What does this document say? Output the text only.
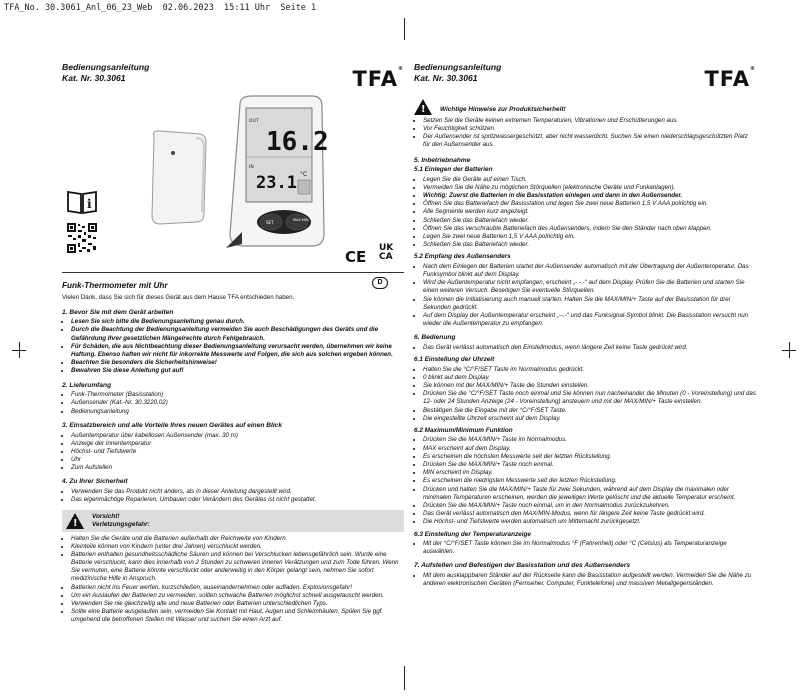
TFA_No. 30.3061_Anl_06_23_Web  02.06.2023  15:11 Uhr  Seite 1
Bedienungsanleitung
Kat. Nr. 30.3061	TFA®
i
OUT
16.2
IN
23.1 °C
SET	MAX MIN
CE UK
CA
Funk-Thermometer mit Uhr	D

Vielen Dank, dass Sie sich für dieses Gerät aus dem Hause TFA entschieden haben.

1. Bevor Sie mit dem Gerät arbeiten
• Lesen Sie sich bitte die Bedienungsanleitung genau durch.
• Durch die Beachtung der Bedienungsanleitung vermeiden Sie auch Beschädigungen des Geräts und die Gefährdung Ihrer gesetzlichen Mängelrechte durch Fehlgebrauch.
• Für Schäden, die aus Nichtbeachtung dieser Bedienungsanleitung verursacht werden, übernehmen wir keine Haftung. Ebenso haften wir nicht für inkorrekte Messwerte und Folgen, die sich aus solchen ergeben können.
• Beachten Sie besonders die Sicherheitshinweise!
• Bewahren Sie diese Anleitung gut auf!
2. Lieferumfang
• Funk-Thermometer (Basisstation)
• Außensender (Kat.-Nr. 30.3220.02)
• Bedienungsanleitung
3. Einsatzbereich und alle Vorteile Ihres neuen Gerätes auf einen Blick
• Außentemperatur über kabellosen Außensender (max. 30 m)
• Anzeige der Innentemperatur
• Höchst- und Tiefstwerte
• Uhr
• Zum Aufstellen
4. Zu Ihrer Sicherheit
• Verwenden Sie das Produkt nicht anders, als in dieser Anleitung dargestellt wird.
• Das eigenmächtige Reparieren, Umbauen oder Verändern des Gerätes ist nicht gestattet.
!
Vorsicht!
Verletzungsgefahr:
• Halten Sie die Geräte und die Batterien außerhalb der Reichweite von Kindern.
• Kleinteile können von Kindern (unter drei Jahren) verschluckt werden.
• Batterien enthalten gesundheitsschädliche Säuren und können bei Verschlucken lebensgefährlich sein. Wurde eine Batterie verschluckt, kann dies innerhalb von 2 Stunden zu schweren inneren Verätzungen und zum Tode führen. Wenn Sie vermuten, eine Batterie könnte verschluckt oder anderweitig in den Körper gelangt sein, nehmen Sie sofort medizinische Hilfe in Anspruch.
• Batterien nicht ins Feuer werfen, kurzschließen, auseinandernehmen oder aufladen. Explosionsgefahr!
• Um ein Auslaufen der Batterien zu vermeiden, sollten schwache Batterien möglichst schnell ausgetauscht werden.
• Verwenden Sie nie gleichzeitig alte und neue Batterien oder Batterien unterschiedlichen Typs.
• Sollte eine Batterie ausgelaufen sein, vermeiden Sie Kontakt mit Haut, Augen und Schleimhäuten. Spülen Sie ggf. umgehend die betroffenen Stellen mit Wasser und suchen Sie einen Arzt auf.
Bedienungsanleitung
Kat. Nr. 30.3061	TFA®
!
Wichtige Hinweise zur Produktsicherheit!
• Setzen Sie die Geräte keinen extremen Temperaturen, Vibrationen und Erschütterungen aus.
• Vor Feuchtigkeit schützen.
• Der Außensender ist spritzwassergeschützt, aber nicht wasserdicht. Suchen Sie einen niederschlagsgeschützten Platz für den Außensender aus.
5. Inbetriebnahme
5.1 Einlegen der Batterien
• Legen Sie die Geräte auf einen Tisch.
• Vermeiden Sie die Nähe zu möglichen Störquellen (elektronische Geräte und Funkanlagen).
• Wichtig: Zuerst die Batterien in die Basisstation einlegen und dann in den Außensender.
• Öffnen Sie das Batteriefach der Basisstation und legen Sie zwei neue Batterien 1,5 V AAA polrichtig ein.
• Alle Segmente werden kurz angezeigt.
• Schließen Sie das Batteriefach wieder.
• Öffnen Sie das verschraubte Batteriefach des Außensenders, indem Sie den Ständer nach oben klappen.
• Legen Sie zwei neue Batterien 1,5 V AAA polrichtig ein.
• Schließen Sie das Batteriefach wieder.
5.2 Empfang des Außensenders
• Nach dem Einlegen der Batterien startet der Außensender automatisch mit der Übertragung der Außentemperatur. Das Funksymbol blinkt auf dem Display.
• Wird die Außentemperatur nicht empfangen, erscheint „- -.-“ auf dem Display. Prüfen Sie die Batterien und starten Sie einen weiteren Versuch. Beseitigen Sie eventuelle Störquellen.
• Sie können die Initialisierung auch manuell starten. Halten Sie die MAX/MIN/+ Taste auf der Basisstation für drei Sekunden gedrückt.
• Auf dem Display der Außentemperatur erscheint „--.-“ und das Funksignal-Symbol blinkt. Die Basisstation versucht nun wieder die Außentemperatur zu empfangen.
6. Bedienung
• Das Gerät verlässt automatisch den Einstellmodus, wenn längere Zeit keine Taste gedrückt wird.
6.1 Einstellung der Uhrzeit
• Halten Sie die °C/°F/SET Taste im Normalmodus gedrückt.
• 0 blinkt auf dem Display.
• Sie können mit der MAX/MIN/+ Taste die Stunden einstellen.
• Drücken Sie die °C/°F/SET Taste noch einmal und Sie können nun nacheinander die Minuten (0 - Voreinstellung) und das 12- oder 24 Stunden Anzeige (24 - Voreinstellung) ansteuern und mit der MAX/MIN/+ Taste einstellen.
• Bestätigen Sie die Eingabe mit der °C/°F/SET Taste.
• Die eingestellte Uhrzeit erscheint auf dem Display.
6.2 Maximum/Minimum Funktion
• Drücken Sie die MAX/MIN/+ Taste im Normalmodus.
• MAX erscheint auf dem Display.
• Es erscheinen die höchsten Messwerte seit der letzten Rückstellung.
• Drücken Sie die MAX/MIN/+ Taste noch einmal.
• MIN erscheint im Display.
• Es erscheinen die niedrigsten Messwerte seit der letzten Rückstellung.
• Drücken und halten Sie die MAX/MIN/+ Taste für zwei Sekunden, während auf dem Display die maximalen oder minimalen Temperaturen erscheinen, werden die jeweiligen Werte gelöscht und die aktuelle Temperatur erscheint.
• Drücken Sie die MAX/MIN/+ Taste noch einmal, um in den Normalmodus zurückzukehren.
• Das Gerät verlässt automatisch den MAX/MIN-Modus, wenn für längere Zeit keine Taste gedrückt wird.
• Die Höchst- und Tiefstwerte werden automatisch um Mitternacht zurückgesetzt.
6.3 Einstellung der Temperaturanzeige
• Mit der °C/°F/SET Taste können Sie im Normalmodus °F (Fahrenheit) oder °C (Celsius) als Temperaturanzeige auswählen.
7. Aufstellen und Befestigen der Basisstation und des Außensenders
• Mit dem ausklappbaren Ständer auf der Rückseite kann die Basisstation aufgestellt werden. Vermeiden Sie die Nähe zu anderen elektronischen Geräten (Fernseher, Computer, Funktelefone) und massiven Metallgegenständen.
